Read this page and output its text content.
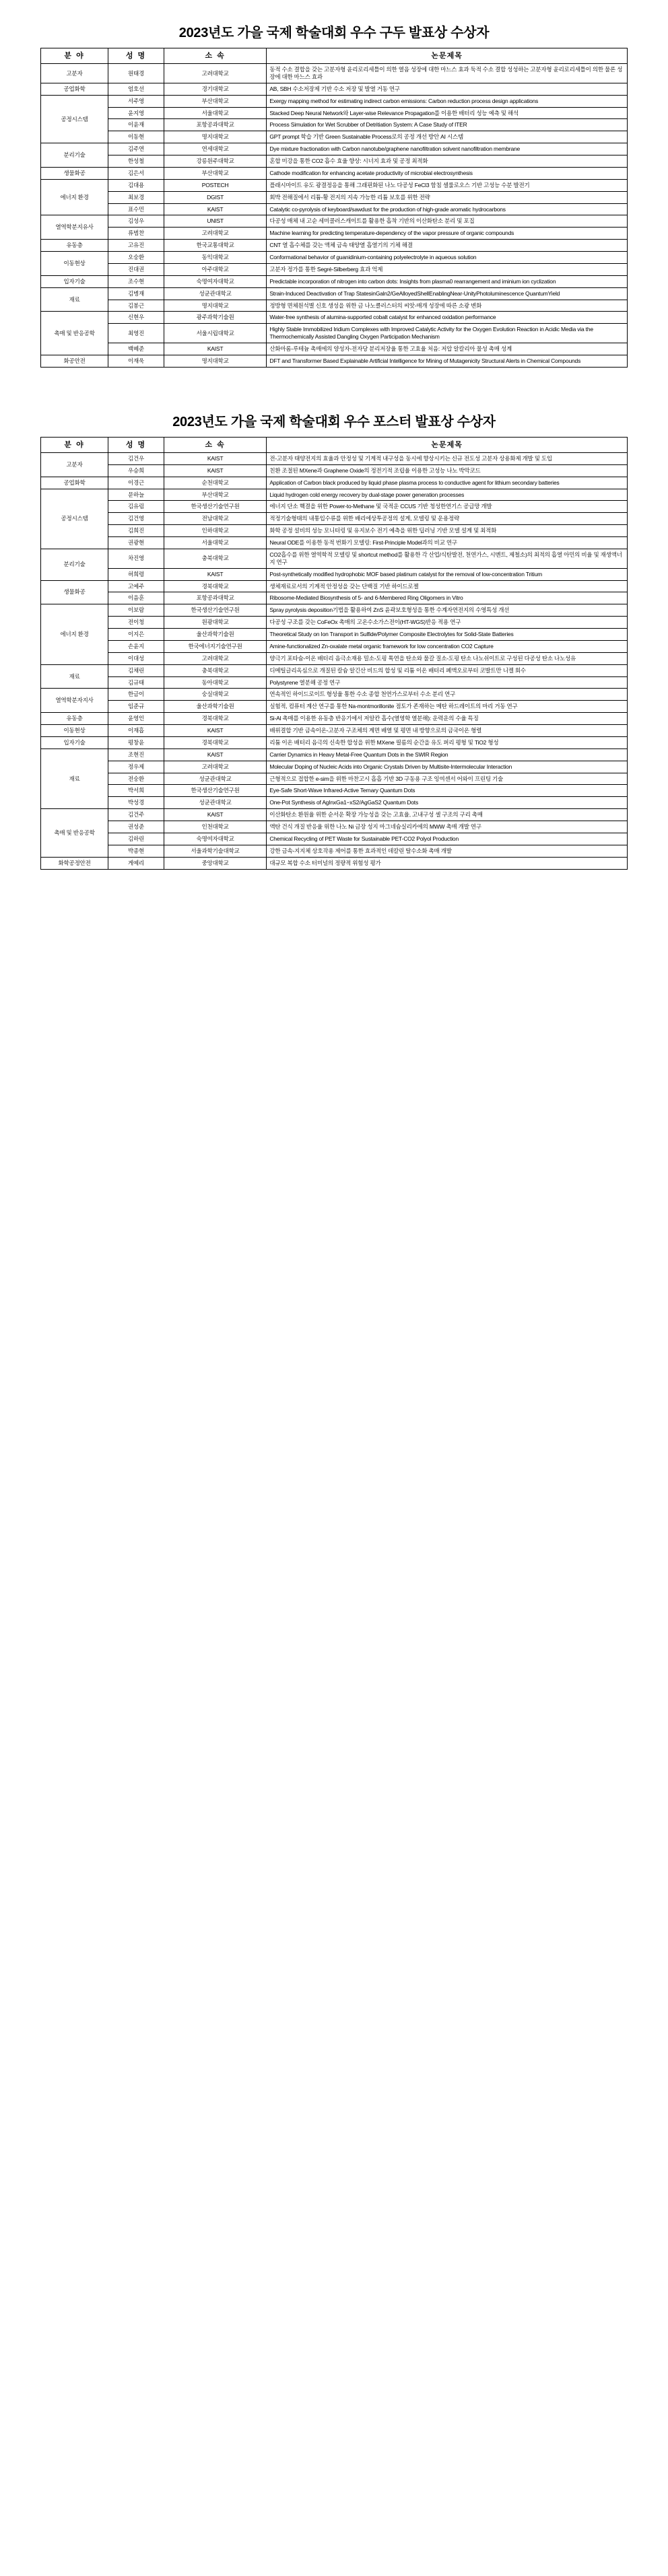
2023년도 가을 국제 학술대회 우수 구두 발표상 수상자
분 야	성 명	소 속	논문제목
고분자	원태경	고려대학교	동적 수소 결합을 갖는 고분자형 윤리로리세틀이 의한 열음 성장에 대한 마느스 효과 둑적 수소 결합 성성하는 고분자형 윤리로리세틀이 의한 물론 성장에 대한 마느스 효과
공업화학	엄호선	경기대학교	AB, SBH 수소저장제 기반 수소 저장 및 발열 거동 연구
공정시스템	서주영	부산대학교	Exergy mapping method for estimating indirect carbon emissions: Carbon reduction process design applications
	윤지영	서울대학교	Stacked Deep Neural Network와 Layer-wise Relevance Propagation를 이용한 배터리 성능 예측 및 해석
	이윤재	포항공과대학교	Process Simulation for Wet Scrubber of Detritiation System: A Case Study of ITER
	이동현	명지대학교	GPT prompt 학습 기반 Green Sustainable Process로의 공정 개선 방안 AI 시스템
분리기술	김주연	연세대학교	Dye mixture fractionation with Carbon nanotube/graphene nanofiltration solvent nanofiltration membrane
	한성철	강릉원주대학교	혼합 미강을 통한 CO2 흡수 효율 향상: 시너지 효과 및 공정 최적화
생물화공	김은서	부산대학교	Cathode modification for enhancing acetate productivity of microbial electrosynthesis
에너지 환경	김대용	POSTECH	플래시마이트 유도 광결정응을 통해 그래핀화된 나노 다공성 FeCl3 함침 셀룰로오스 기반 고성능 수분 발전기
	최보경	DGIST	회박 전해질에서 리튬-황 전지의 지속 가능한 리튬 보호를 위한 전략
	표수민	KAIST	Catalytic co-pyrolysis of keyboard/sawdust for the production of high-grade aromatic hydrocarbons
열역학분지유사	김성우	UNIST	다공성 매체 내 고순 세미콜러스캐이트를 활용한 흡착 기반의 이산화탄소 분리 및 포집
	류범찬	고려대학교	Machine learning for predicting temperature-dependency of the vapor pressure of organic compounds
유동층	고유진	한국교통대학교	CNT 열 흡수체를 갖는 액체 금속 태양열 흡열기의 기체 해결
이동현상	오숭환	동익대학교	Conformational behavior of guanidinium-containing polyelectrolyte in aqueous solution
	진대권	아주대학교	고분자 정가를 통한 Segré-Silberberg 효과 억제
입자기술	조수현	숙명여자대학교	Predictable incorporation of nitrogen into carbon dots: Insights from plasma0 rearrangement and iminium ion cyclization
재료	김병재	성균관대학교	Strain-Induced Deactivation of Trap StatesinGaln2/GeAlloyedShellEnablingNear-UnityPhotoluminescence QuantumYield
	김봉근	명지대학교	정방형 면체원석별 신호 생성을 위한 금 나노클러스터의 씨앗-매개 성장에 따른 소광 변화
촉매 및 반응공학	신현우	광주과학기술원	Water-free synthesis of alumina-supported cobalt catalyst for enhanced oxidation performance
	최영진	서울시립대학교	Highly Stable Immobilized Iridium Complexes with Improved Catalytic Activity for the Oxygen Evolution Reaction in Acidic Media via the Thermochemically Assisted Dangling Oxygen Participation Mechanism
	백혜준	KAIST	산화마롬-루테늄 촉매에의 양성자-전자당 분리저장율 통한 고효율 처음: 저압 알칼리아 물성 촉매 성계
화공안전	이재욱	명지대학교	DFT and Transformer Based Explainable Artificial Intelligence for Mining of Mutagenicity Structural Alerts in Chemical Compounds
2023년도 가을 국제 학술대회 우수 포스터 발표상 수상자
분 야	성 명	소 속	논문제목
고분자	김건우	KAIST	전-고분자 태양전지의 효율과 안정성 및 기계적 내구성을 동시에 향상시키는 신규 전도성 고분자 상용화제 개발 및 도입
	우승희	KAIST	친환 조절된 MXene과 Graphene Oxide의 정전기적 조립율 이용한 고성능 나노 박막코드
공업화학	이경근	순천대학교	Application of Carbon black produced by liquid phase plasma process to conductive agent for lithium secondary batteries
공정시스템	문하늘	부산대학교	Liquid hydrogen cold energy recovery by dual-stage power generation processes
	김유림	한국생산기술연구원	에너지 단소 핵결을 위한 Power-to-Methane 및 국적운 CCUS 기반 청성한연기스 공급망 개발
	김건영	전남대학교	적정기술형태의 내통입수류를 위한 배리에상투공정의 설계, 모델링 및 운용정략
	김희진	인하대학교	화학 공정 설비의 성능 모니터링 및 유지보수 전기 예측을 위한 딥러닝 기반 모델 설계 및 최적화
	권광현	서울대학교	Neural ODE를 이용한 동적 번화기 모델링: First-Principle Model과의 비교 연구
분리기술	차진영	충북대학교	CO2흡수를 위한 열역학적 모델링 및 shortcut method를 활용한 각 산업/식탄발전, 천연가스, 시멘트, 제철소)의 최적의 흡열 아민의 비율 및 재생액너지 연구
	허희령	KAIST	Post-synthetically modified hydrophobic MOF based platinum catalyst for the removal of low-concentration Tritium
생물화공	고예주	경북대학교	생체재료로서의 기계적 안정성을 갖는 단백질 기반 하이드로젤
	이음훈	포항공과대학교	Ribosome-Mediated Biosynthesis of 5- and 6-Membered Ring Oligomers in Vitro
에너지 환경	이보람	한국생산기술연구원	Spray pyrolysis deposition기법을 활용하여 ZnS 윤곽보호형성을 통한 수계자연전지의 수영특성 개선
	전이청	원광대학교	다공성 구조를 갖는 CoFeOx 촉매의 고온수소가스전이(HT-WGS)반응 적용 연구
	이지은	울산과학기술원	Theoretical Study on Ion Transport in Sulfide/Polymer Composite Electrolytes for Solid-State Batteries
	손윤지	한국에너지기술연구원	Amine-functionalized Zn-oxalate metal organic framework for low concentration CO2 Capture
	이대성	고려대학교	양극기 포타슘-이온 배터리 음극소재용 밀소-도핑 톡연을 탄소와 물갈 질소-도핑 탄소 나노쉬이트로 구성된 다공성 탄소 나노성유
재료	김채린	충북대학교	디메틸글리옥심으로 개질된 칼슘 알긴산 비드의 합성 및 리튬 이온 배터리 폐액오로부터 코발트만 니켈 회수
	김규태	동아대학교	Polystyrene 열분해 공정 연구
열역학분자지사	한금이	숭실대학교	연속적인 하이드로이트 형성율 통한 수소 종합 천연가스로부터 수소 분리 연구
	임준규	울산과학기술원	실험적, 컴퓨터 계산 연구를 통한 Na-montmorillonite 점토가 존재하는 메탄 하드레이트의 마리 거동 연구
유동층	윤영인	경북대학교	Si-Al 촉매를 이용한 유동층 반응기에서 저알칸 흡수(열영학 열분해): 운력운의 수율 특징
이동현상	이재흡	KAIST	배위결합 기반 금속이온-고분자 구조체의 계면 배열 및 평면 내 방향으로의 금국이온 형렬
입자기술	평창윤	경북대학교	리튬 이온 배터리 음극의 신속한 합성을 위한 MXene 필름의 순간을 유도 퍼리 평형 및 TiO2 형성
재료	조현진	KAIST	Carrier Dynamics in Heavy Metal-Free Quantum Dots in the SWIR Region
	정우제	고려대학교	Molecular Doping of Nucleic Acids into Organic Crystals Driven by Multisite-Intermolecular Interaction
	전숭환	성균관대학교	근형적으로 접합한 e-sim을 위한 마찬고시 흡흡 기반 3D 구동용 구조 잉여센서 어와이 프린팅 기술
	박서희	한국생산기술연구원	Eye-Safe Short-Wave Infrared-Active Ternary Quantum Dots
	박성경	성균관대학교	One-Pot Synthesis of AgInxGa1−xS2/AgGaS2 Quantum Dots
촉매 및 반응공학	김건주	KAIST	이산화탄소 환원율 위한 순서운 확장 가능성을 갖는 고효율, 고내구성 셀 구조의 구리 촉매
	권성준	인천대학교	액탄 건식 개질 반응율 위한 나노 Ni 금장 성지 마그네슘실리카에의 MWW 촉매 개발 연구
	김하린	숙명여자대학교	Chemical Recycling of PET Waste for Sustainable PET-CO2 Polyol Production
	박종현	서울과학기술대학교	강한 금속-지지체 상호작용 제어를 통한 효과적인 데칼린 탈수소화 촉매 개발
화학공정안전	게예리	중앙대학교	대규모 복합 수소 터미널의 정량적 위험성 평가
